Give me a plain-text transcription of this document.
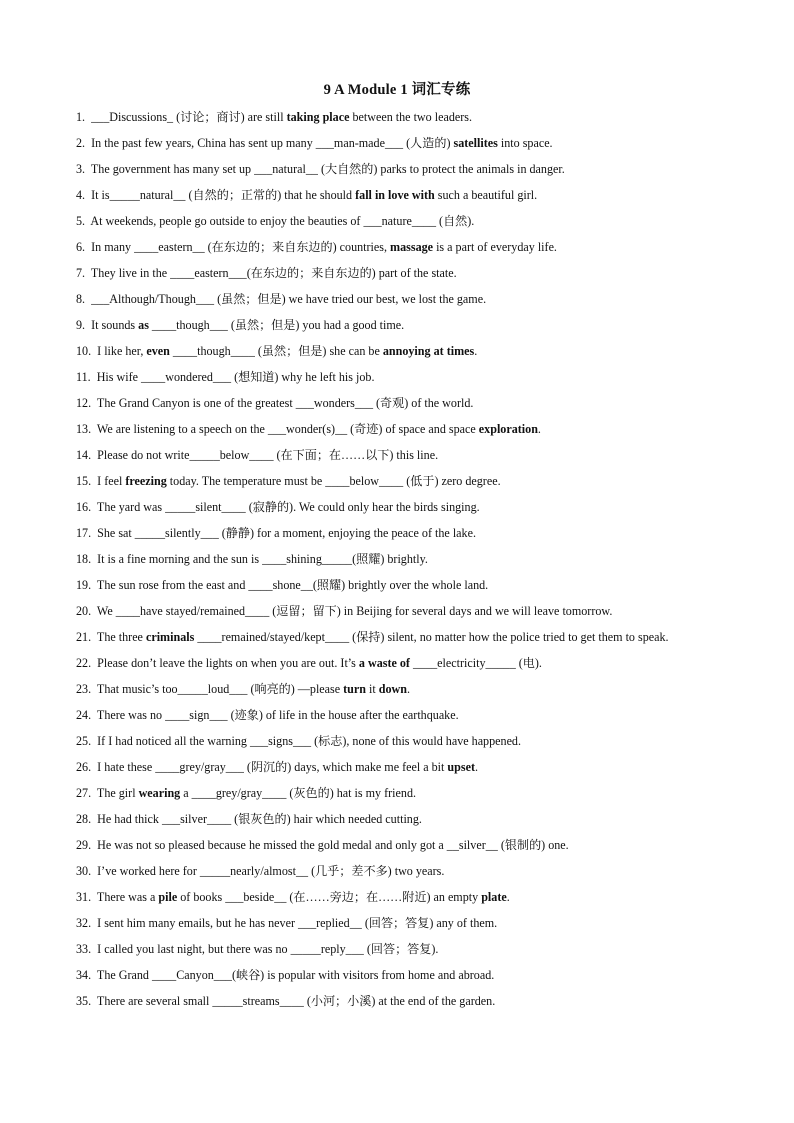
9 A Module 1 词汇专练
1. ___Discussions_ (讨论；商讨) are still taking place between the two leaders.
2. In the past few years, China has sent up many ___man-made___ (人造的) satellites into space.
3. The government has many set up ___natural__ (大自然的) parks to protect the animals in danger.
4. It is_____natural__ (自然的；正常的) that he should fall in love with such a beautiful girl.
5. At weekends, people go outside to enjoy the beauties of ___nature____ (自然).
6. In many ____eastern__ (在东边的；来自东边的) countries, massage is a part of everyday life.
7. They live in the ____eastern___(在东边的；来自东边的) part of the state.
8. ___Although/Though___ (虽然；但是) we have tried our best, we lost the game.
9. It sounds as ____though___ (虽然；但是) you had a good time.
10. I like her, even ____though____ (虽然；但是) she can be annoying at times.
11. His wife ____wondered___ (想知道) why he left his job.
12. The Grand Canyon is one of the greatest ___wonders___ (奇观) of the world.
13. We are listening to a speech on the ___wonder(s)__ (奇迹) of space and space exploration.
14. Please do not write_____below____ (在下面；在……以下) this line.
15. I feel freezing today. The temperature must be ____below____ (低于) zero degree.
16. The yard was _____silent____ (寂静的). We could only hear the birds singing.
17. She sat _____silently___ (静静) for a moment, enjoying the peace of the lake.
18. It is a fine morning and the sun is ____shining_____(照耀) brightly.
19. The sun rose from the east and ____shone__(照耀) brightly over the whole land.
20. We ____have stayed/remained____ (逗留；留下) in Beijing for several days and we will leave tomorrow.
21. The three criminals ____remained/stayed/kept____ (保持) silent, no matter how the police tried to get them to speak.
22. Please don’t leave the lights on when you are out. It’s a waste of ____electricity_____ (电).
23. That music’s too_____loud___ (响亮的) —please turn it down.
24. There was no ____sign___ (迹象) of life in the house after the earthquake.
25. If I had noticed all the warning ___signs___ (标志), none of this would have happened.
26. I hate these ____grey/gray___ (阴沉的) days, which make me feel a bit upset.
27. The girl wearing a ____grey/gray____ (灰色的) hat is my friend.
28. He had thick ___silver____ (银灰色的) hair which needed cutting.
29. He was not so pleased because he missed the gold medal and only got a __silver__ (银制的) one.
30. I’ve worked here for _____nearly/almost__ (几乎；差不多) two years.
31. There was a pile of books ___beside__ (在……旁边；在……附近) an empty plate.
32. I sent him many emails, but he has never ___replied__ (回答；答复) any of them.
33. I called you last night, but there was no _____reply___ (回答；答复).
34. The Grand ____Canyon___(峡谷) is popular with visitors from home and abroad.
35. There are several small _____streams____ (小河；小溪) at the end of the garden.
